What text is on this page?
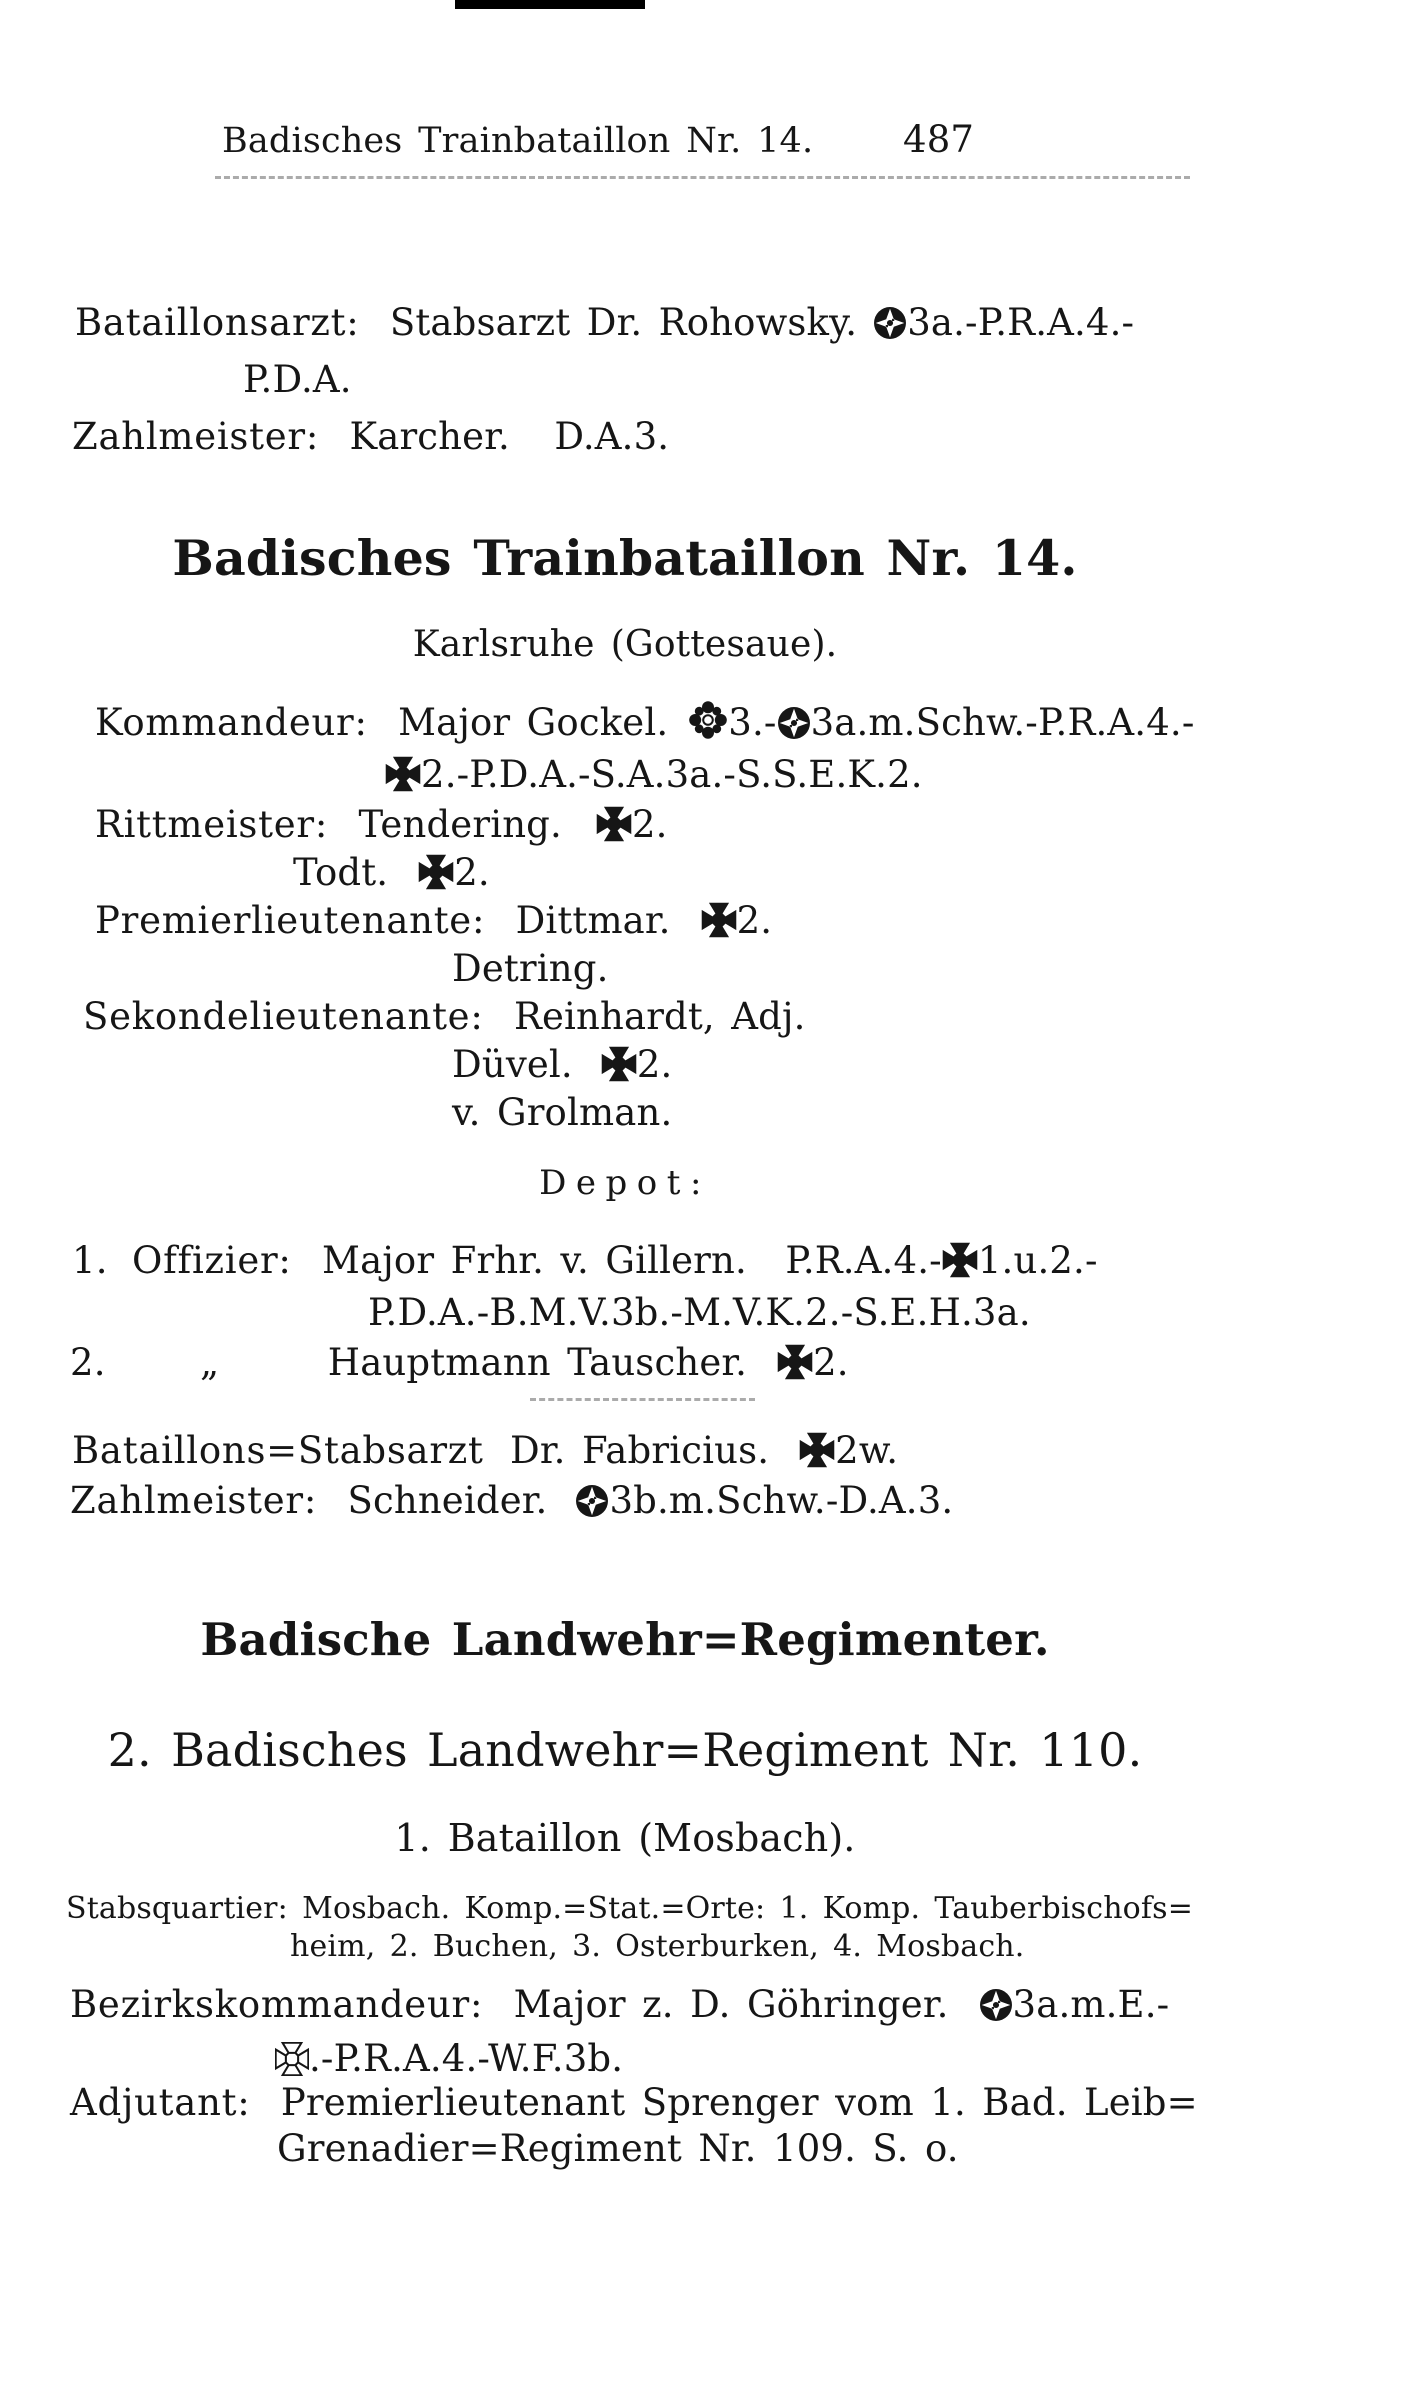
Badisches Trainbataillon Nr. 14. 487
Bataillonsarzt: Stabsarzt Dr. Rohowsky. 3a.-P.R.A.4.-
P.D.A.
Zahlmeister: Karcher. D.A.3.
Badisches Trainbataillon Nr. 14.
Karlsruhe (Gottesaue).
Kommandeur: Major Gockel. 3.- 3a.m.Schw.-P.R.A.4.-
2.-P.D.A.-S.A.3a.-S.S.E.K.2.
Rittmeister: Tendering. 2.
Todt. 2.
Premierlieutenante: Dittmar. 2.
Detring.
Sekondelieutenante: Reinhardt, Adj.
Düvel. 2.
v. Grolman.
Depot:
1. Offizier: Major Frhr. v. Gillern. P.R.A.4.- 1.u.2.-
P.D.A.-B.M.V.3b.-M.V.K.2.-S.E.H.3a.
2.	„	Hauptmann Tauscher. 2.
Bataillons=Stabsarzt Dr. Fabricius. 2w.
Zahlmeister: Schneider. 3b.m.Schw.-D.A.3.
Badische Landwehr=Regimenter.
2. Badisches Landwehr=Regiment Nr. 110.
1. Bataillon (Mosbach).
Stabsquartier: Mosbach. Komp.=Stat.=Orte: 1. Komp. Tauberbischofs=
heim, 2. Buchen, 3. Osterburken, 4. Mosbach.
Bezirkskommandeur: Major z. D. Göhringer. 3a.m.E.-
.-P.R.A.4.-W.F.3b.
Adjutant: Premierlieutenant Sprenger vom 1. Bad. Leib=
Grenadier=Regiment Nr. 109. S. o.
